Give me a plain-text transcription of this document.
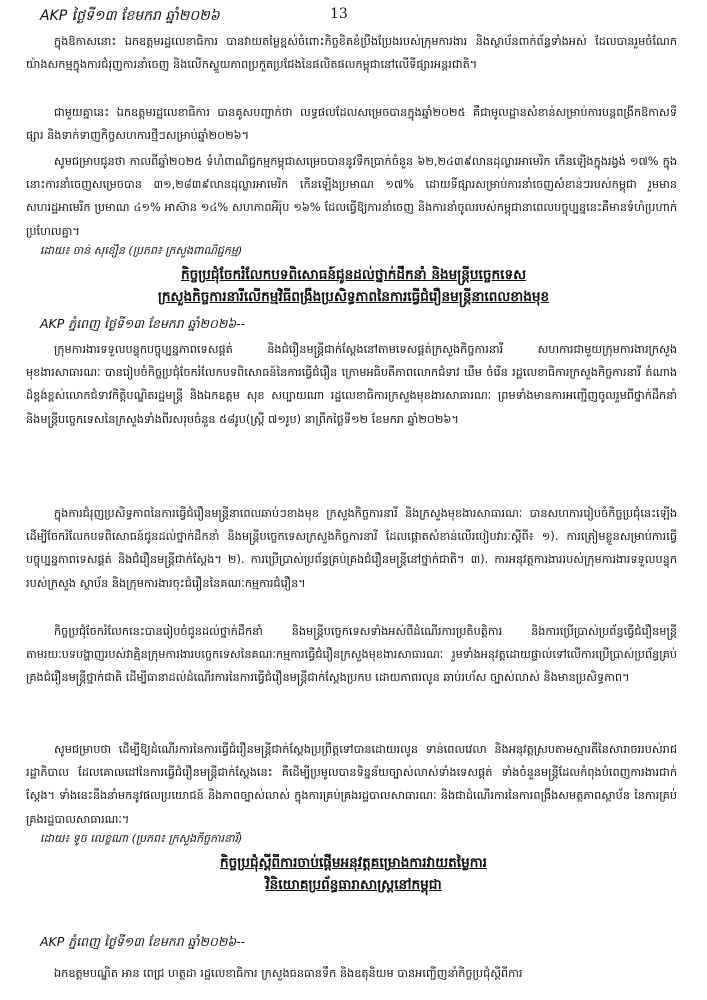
AKP ថ្ងៃទី១៣ ខែមករា ឆ្នាំ២០២៦	13

ក្នុងឱកាសនោះ ឯកឧត្តមរដ្ឋលេខាធិការ បានវាយតម្លៃខ្ពស់ចំពោះកិច្ចខិតខំប្រឹងប្រែងរបស់ក្រុមការងារ និងស្ថាប័នពាក់ព័ន្ធទាំងអស់ ដែលបានរួមចំណែកយ៉ាងសកម្មក្នុងការជំរុញការនាំចេញ និងលើកស្ទួយភាពប្រកួតប្រជែងនៃផលិតផលកម្ពុជានៅលើទីផ្សារអន្តរជាតិ។

ជាមួយគ្នានេះ ឯកឧត្តមរដ្ឋលេខាធិការ បានគូសបញ្ជាក់ថា លទ្ធផលដែលសម្រេចបានក្នុងឆ្នាំ២០២៥ គឺជាមូលដ្ឋានសំខាន់សម្រាប់ការបន្តពង្រីកឱកាសទីផ្សារ និងទាក់ទាញកិច្ចសហការថ្មីៗសម្រាប់ឆ្នាំ២០២៦។

សូមជម្រាបជូនថា កាលពីឆ្នាំ២០២៥ ទំហំពាណិជ្ជកម្មកម្ពុជាសម្រេចបាននូវទឹកប្រាក់ចំនួន ៦២,២៤៣៩លានដុល្លារអាមេរិក កើនឡើងក្នុងរង្វង់ ១៧% ក្នុងនោះការនាំចេញសម្រេចបាន ៣១,២៨៣៩លានដុល្លារអាមេរិក កើនឡើងប្រមាណ ១៧% ដោយទីផ្សារសម្រាប់ការនាំចេញសំខាន់ៗរបស់កម្ពុជា រួមមាន សហរដ្ឋអាមេរិក ប្រមាណ ៤១% អាស៊ាន ១៤% សហភាពអឺរ៉ុប ១៦% ដែលធ្វើឱ្យការនាំចេញ និងការនាំចូលរបស់កម្ពុជានាពេលបច្ចុប្បន្ននេះគឺមានទំហំប្រហាក់ប្រហែលគ្នា។

ដោយ៖ ចាន់ សុខឿន (ប្រភព៖ ក្រសួងពាណិជ្ជកម្ម)
កិច្ចប្រជុំចែករំលែកបទពិសោធន៍ជូនដល់ថ្នាក់ដឹកនាំ និងមន្ត្រីបច្ចេកទេស
ក្រសួងកិច្ចការនារីលើកម្មវិធីពង្រឹងប្រសិទ្ធភាពនៃការធ្វើជំរឿនមន្ត្រីនាពេលខាងមុខ
AKP ភ្នំពេញ ថ្ងៃទី១៣ ខែមករា ឆ្នាំ២០២៦--

ក្រុមការងារទទួលបន្ទុកបច្ចុប្បន្នភាពទេសផ្គត់ និងជំរឿនមន្ត្រីជាក់ស្តែងនៅតាមទេសផ្គត់ក្រសួងកិច្ចការនារី សហការជាមួយក្រុមការងារក្រសួងមុខងារសាធារណៈ បានរៀបចំកិច្ចប្រជុំចែករំលែកបទពិសោធន៍នៃការធ្វើជំរឿន ក្រោមអធិបតីភាពលោកជំទាវ ឃឹម ចំរើន រដ្ឋលេខាធិការក្រសួងកិច្ចការនារី តំណាងដ៏ខ្ពង់ខ្ពស់លោកជំទាវកិត្តិបណ្ឌិតរដ្ឋមន្ត្រី និងឯកឧត្តម សុខ សប្បាយណា រដ្ឋលេខាធិការក្រសួងមុខងារសាធារណៈ ព្រមទាំងមានការអញ្ជើញចូលរួមពីថ្នាក់ដឹកនាំ និងមន្ត្រីបច្ចេកទេសនៃក្រសួងទាំងពីរសរុបចំនួន ៥៨រូប(ស្ត្រី ៧១រូប) នាព្រឹកថ្ងៃទី១២ ខែមករា ឆ្នាំ២០២៦។

ក្នុងការជំរុញប្រសិទ្ធភាពនៃការធ្វើជំរឿនមន្ត្រីនាពេលឆាប់ៗខាងមុខ ក្រសួងកិច្ចការនារី និងក្រសួងមុខងារសាធារណៈ បានសហការរៀបចំកិច្ចប្រជុំនេះឡើងដើម្បីចែករំលែកបទពិសោធន៍ជូនដល់ថ្នាក់ដឹកនាំ និងមន្ត្រីបច្ចេកទេសក្រសួងកិច្ចការនារី ដែលផ្តោតសំខាន់លើរបៀបវារៈស្តីពី៖ ១). ការត្រៀមខ្លួនសម្រាប់ការធ្វើបច្ចុប្បន្នភាពទេសផ្គត់ និងជំរឿនមន្ត្រីជាក់ស្តែង។ ២). ការប្រើប្រាស់ប្រព័ន្ធគ្រប់គ្រងជំរឿនមន្ត្រីនៅថ្នាក់ជាតិ។ ៣). ការអនុវត្តការងាររបស់ក្រុមការងារទទួលបន្ទុករបស់ក្រសួង ស្ថាប័ន និងក្រុមការងារចុះជំរឿននៃគណៈកម្មការជំរឿន។

កិច្ចប្រជុំចែករំលែកនេះបានរៀបចំជូនដល់ថ្នាក់ដឹកនាំ និងមន្ត្រីបច្ចេកទេសទាំងអស់ពីដំណើរការប្រតិបត្តិការ និងការប្រើប្រាស់ប្រព័ន្ធធ្វើជំរឿនមន្ត្រី តាមរយៈបទបង្ហាញរបស់វាគ្មិនក្រុមការងារបច្ចេកទេសនៃគណៈកម្មការធ្វើជំរឿនក្រសួងមុខងារសាធារណៈ រួមទាំងអនុវត្តដោយផ្ទាល់ទៅលើការប្រើប្រាស់ប្រព័ន្ធគ្រប់គ្រងជំរឿនមន្ត្រីថ្នាក់ជាតិ ដើម្បីធានាដល់ដំណើរការនៃការធ្វើជំរឿនមន្ត្រីជាក់ស្តែងប្រកប ដោយភាពរលូន ឆាប់រហ័ស ច្បាស់លាស់ និងមានប្រសិទ្ធភាព។

សូមជម្រាបថា ដើម្បីឱ្យដំណើរការនៃការធ្វើជំរឿនមន្ត្រីជាក់ស្តែងប្រព្រឹត្តទៅបានដោយរលូន ទាន់ពេលវេលា និងអនុវត្តស្របតាមស្មារតីនៃសារាចររបស់រាជរដ្ឋាភិបាល ដែលគោលដៅនៃការធ្វើជំរឿនមន្ត្រីជាក់ស្តែងនេះ គឺដើម្បីប្រមូលបានទិន្នន័យច្បាស់លាស់ទាំងទេសផ្គត់ ទាំងចំនួនមន្ត្រីដែលកំពុងបំពេញការងារជាក់ស្តែង។ ទាំងនេះនឹងនាំមកនូវផលប្រយោជន៍ និងភាពច្បាស់លាស់ ក្នុងការគ្រប់គ្រងរដ្ឋបាលសាធារណៈ និងជាដំណើរការនៃការពង្រឹងសមត្ថភាពស្ថាប័ន នៃការគ្រប់គ្រងរដ្ឋបាលសាធារណៈ។
ដោយ៖ ទូច លេខ្ខណា (ប្រភព៖ ក្រសួងកិច្ចការនារី)
កិច្ចប្រជុំស្តីពីការចាប់ផ្តើមអនុវត្តគម្រោងការវាយតម្លៃការ
វិនិយោគប្រព័ន្ធធារាសាស្ត្រនៅកម្ពុជា
AKP ភ្នំពេញ ថ្ងៃទី១៣ ខែមករា ឆ្នាំ២០២៦--

ឯកឧត្តមបណ្ឌិត អាន ពេជ្រ ហត្ថដា រដ្ឋលេខាធិការ ក្រសួងធនធានទឹក និងឧតុនិយម បានអញ្ជើញនាំកិច្ចប្រជុំស្តីពីការ
